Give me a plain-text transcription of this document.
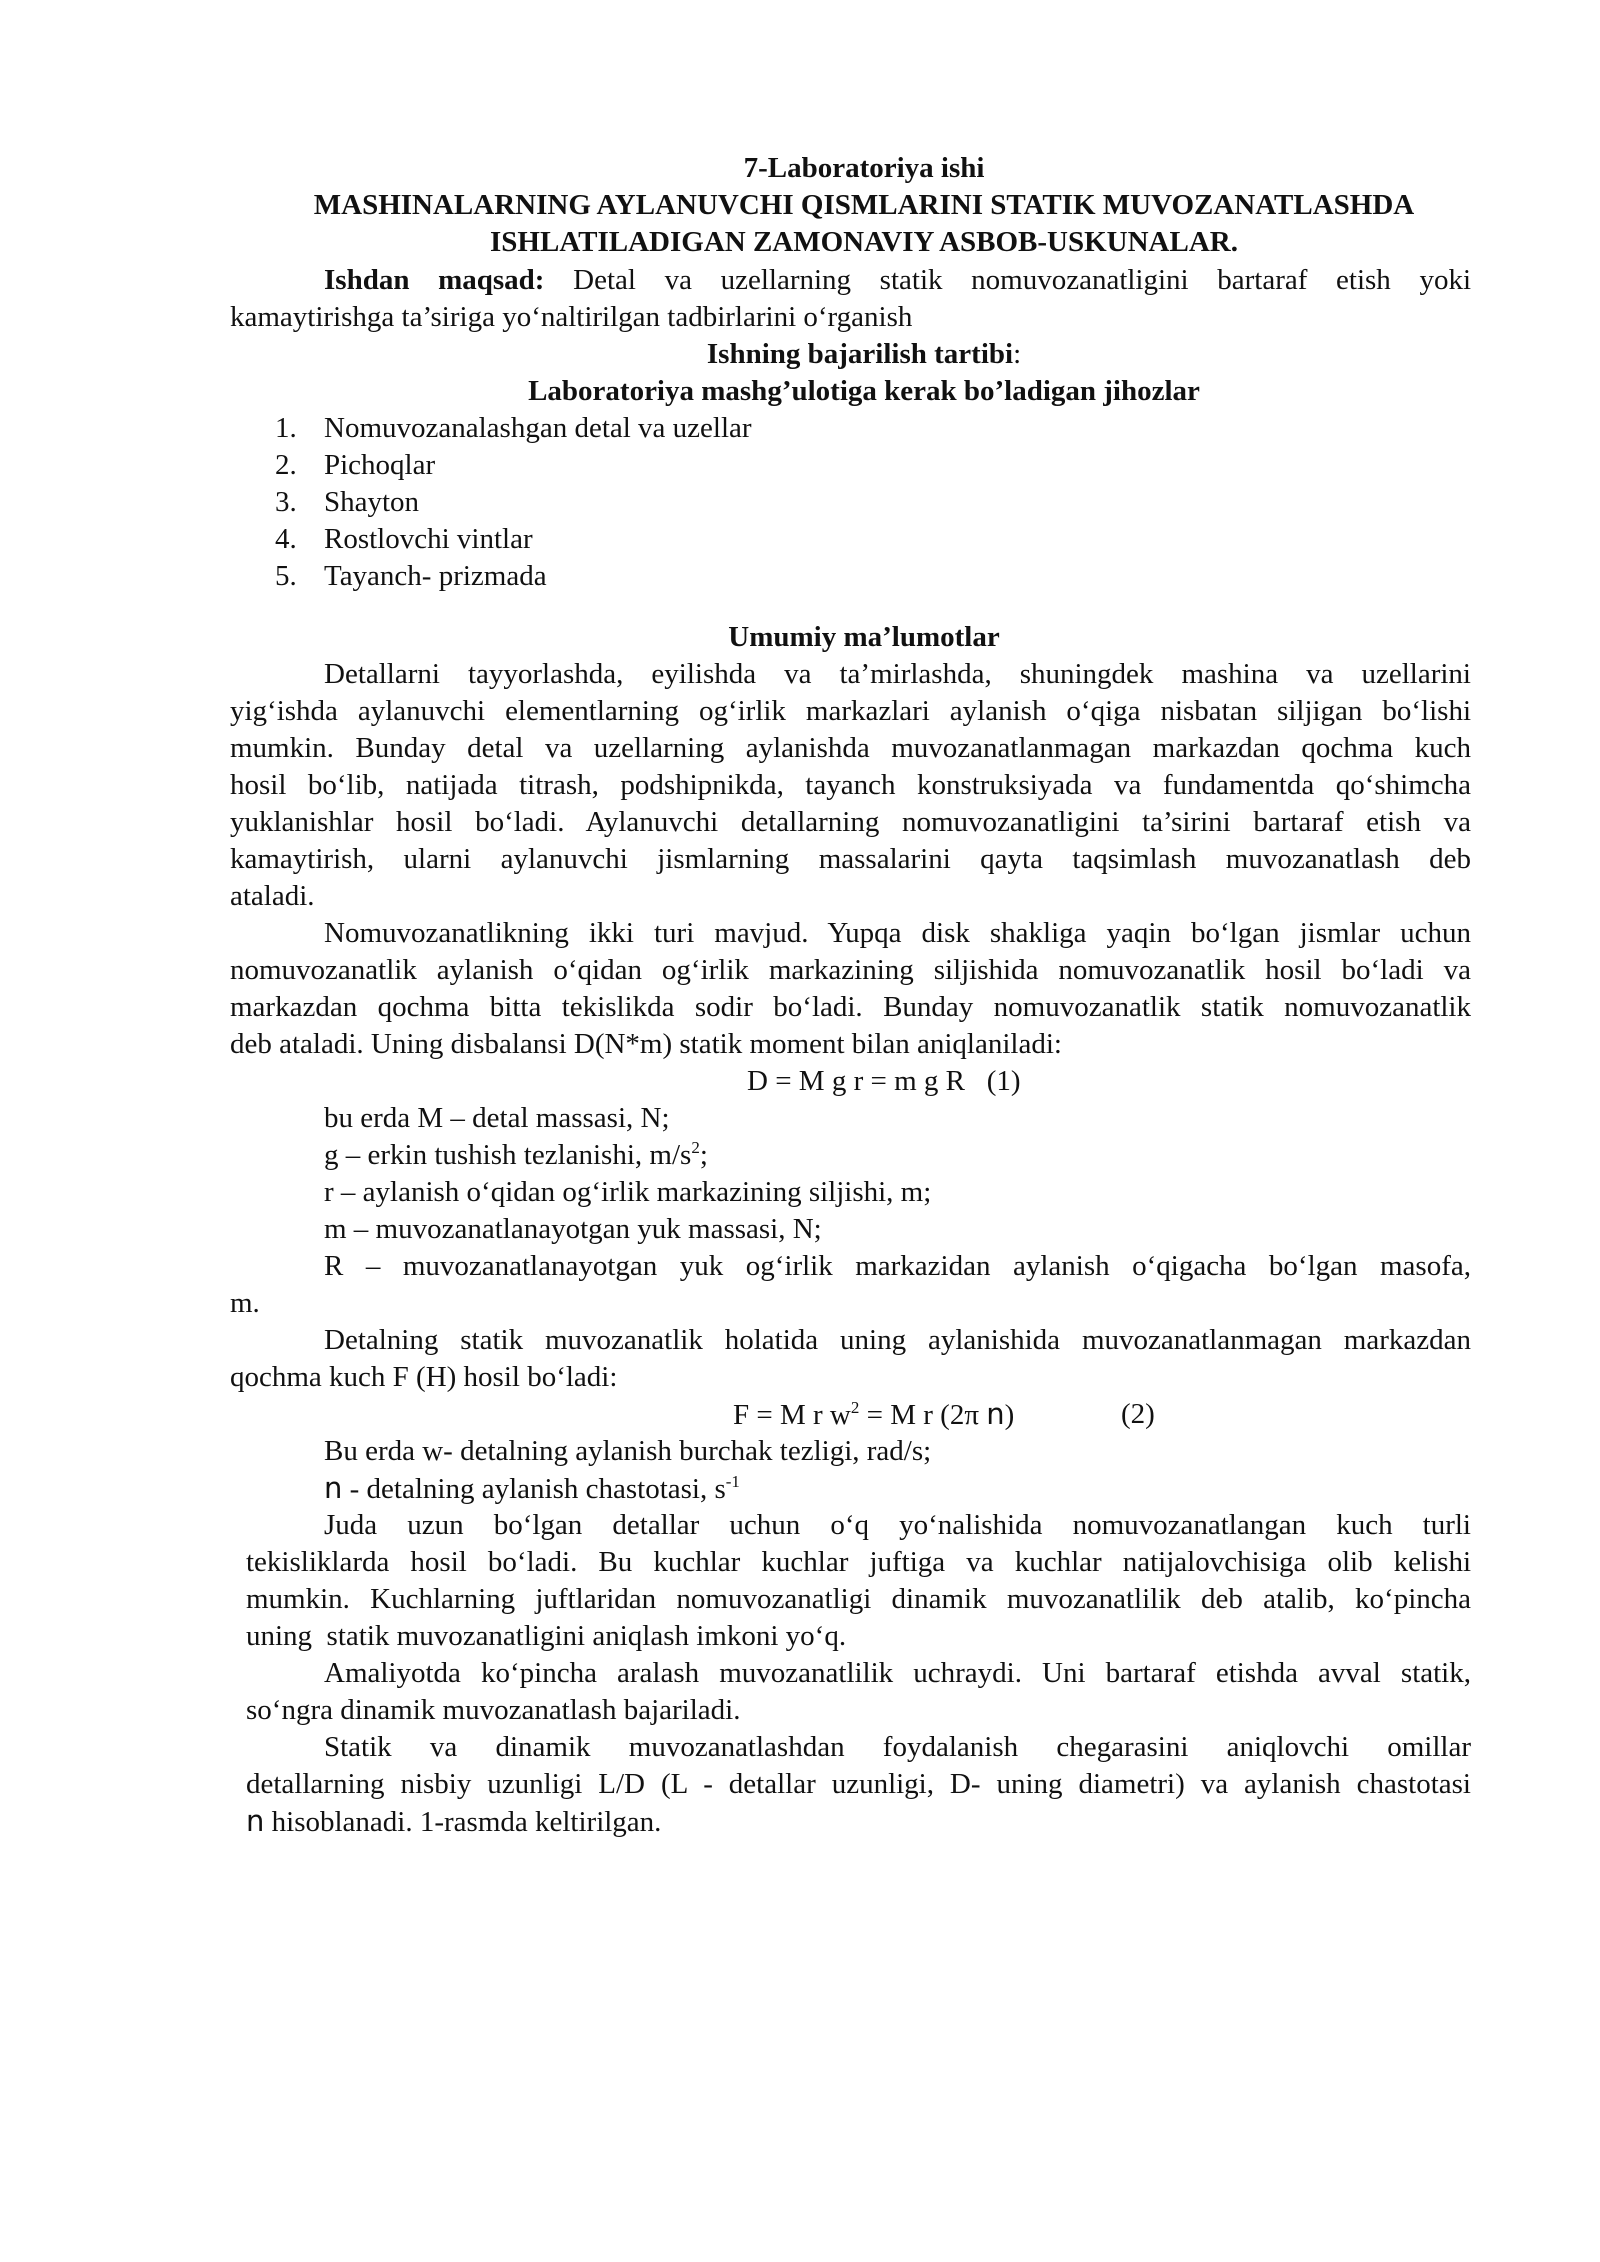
7-Laboratoriya ishi
MASHINALARNING AYLANUVCHI QISMLARINI STATIK MUVOZANATLASHDA
ISHLATILADIGAN ZAMONAVIY ASBOB-USKUNALAR.
Ishdan maqsad: Detal va uzellarning statik nomuvozanatligini bartaraf etish yoki
kamaytirishga ta’siriga yo‘naltirilgan tadbirlarini o‘rganish
Ishning bajarilish tartibi:
Laboratoriya mashg’ulotiga kerak bo’ladigan jihozlar
1. Nomuvozanalashgan detal va uzellar
2. Pichoqlar
3. Shayton
4. Rostlovchi vintlar
5. Tayanch- prizmada
Umumiy ma’lumotlar
Detallarni tayyorlashda, eyilishda va ta’mirlashda, shuningdek mashina va uzellarini
yig‘ishda aylanuvchi elementlarning og‘irlik markazlari aylanish o‘qiga nisbatan siljigan bo‘lishi
mumkin. Bunday detal va uzellarning aylanishda muvozanatlanmagan markazdan qochma kuch
hosil bo‘lib, natijada titrash, podshipnikda, tayanch konstruksiyada va fundamentda qo‘shimcha
yuklanishlar hosil bo‘ladi. Aylanuvchi detallarning nomuvozanatligini ta’sirini bartaraf etish va
kamaytirish, ularni aylanuvchi jismlarning massalarini qayta taqsimlash muvozanatlash deb
ataladi.
Nomuvozanatlikning ikki turi mavjud. Yupqa disk shakliga yaqin bo‘lgan jismlar uchun
nomuvozanatlik aylanish o‘qidan og‘irlik markazining siljishida nomuvozanatlik hosil bo‘ladi va
markazdan qochma bitta tekislikda sodir bo‘ladi. Bunday nomuvozanatlik statik nomuvozanatlik
deb ataladi. Uning disbalansi D(N*m) statik moment bilan aniqlaniladi:
D = M g r = m g R   (1)
bu erda M – detal massasi, N;
g – erkin tushish tezlanishi, $m/s^2$;
r – aylanish o‘qidan og‘irlik markazining siljishi, m;
m – muvozanatlanayotgan yuk massasi, N;
R – muvozanatlanayotgan yuk og‘irlik markazidan aylanish o‘qigacha bo‘lgan masofa,
m.
Detalning statik muvozanatlik holatida uning aylanishida muvozanatlanmagan markazdan
qochma kuch F (H) hosil bo‘ladi:
F = M r $w^2 = M$ r (2π n)	(2)
Bu erda w- detalning aylanish burchak tezligi, rad/s;
n - detalning aylanish chastotasi, $s^{-1}$
Juda uzun bo‘lgan detallar uchun o‘q yo‘nalishida nomuvozanatlangan kuch turli
tekisliklarda hosil bo‘ladi. Bu kuchlar kuchlar juftiga va kuchlar natijalovchisiga olib kelishi
mumkin. Kuchlarning juftlaridan nomuvozanatligi dinamik muvozanatlilik deb atalib, ko‘pincha
uning  statik muvozanatligini aniqlash imkoni yo‘q.
Amaliyotda ko‘pincha aralash muvozanatlilik uchraydi. Uni bartaraf etishda avval statik,
so‘ngra dinamik muvozanatlash bajariladi.
Statik va dinamik muvozanatlashdan foydalanish chegarasini aniqlovchi omillar
detallarning nisbiy uzunligi L/D (L - detallar uzunligi, D- uning diametri) va aylanish chastotasi
n hisoblanadi. 1-rasmda keltirilgan.
